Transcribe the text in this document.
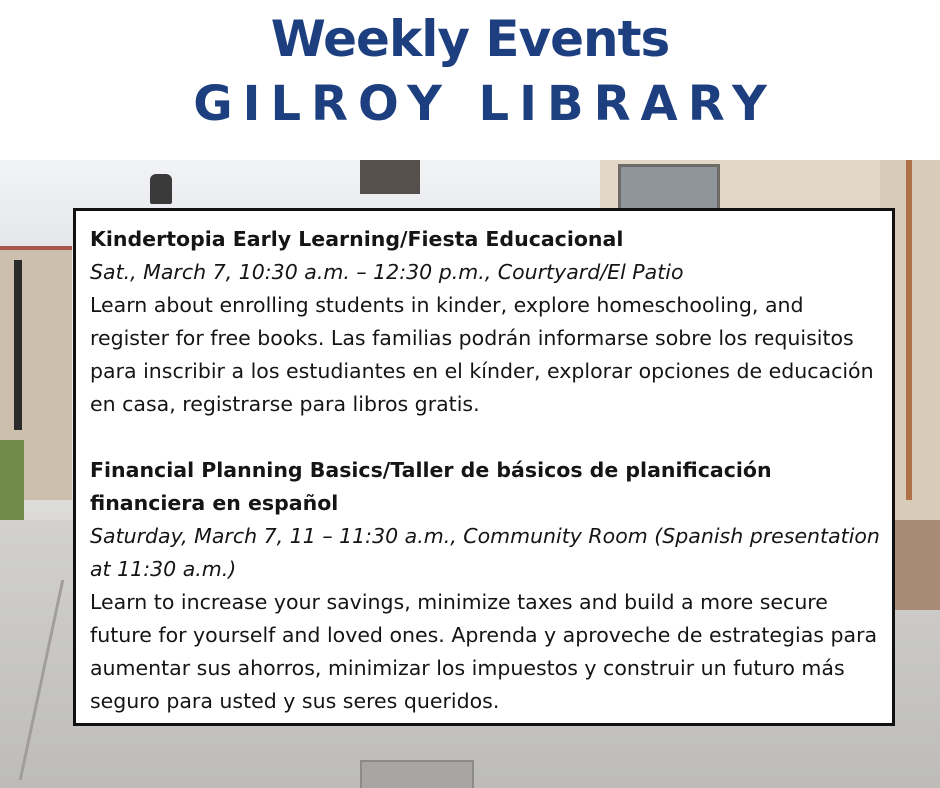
Weekly Events
GILROY LIBRARY
Kindertopia Early Learning/Fiesta Educacional
Sat., March 7, 10:30 a.m. – 12:30 p.m., Courtyard/El Patio
Learn about enrolling students in kinder, explore homeschooling, and register for free books. Las familias podrán informarse sobre los requisitos para inscribir a los estudiantes en el kínder, explorar opciones de educación en casa, registrarse para libros gratis.
Financial Planning Basics/Taller de básicos de planificación financiera en español
Saturday, March 7, 11 – 11:30 a.m., Community Room (Spanish presentation at 11:30 a.m.)
Learn to increase your savings, minimize taxes and build a more secure future for yourself and loved ones. Aprenda y aproveche de estrategias para aumentar sus ahorros, minimizar los impuestos y construir un futuro más seguro para usted y sus seres queridos.
